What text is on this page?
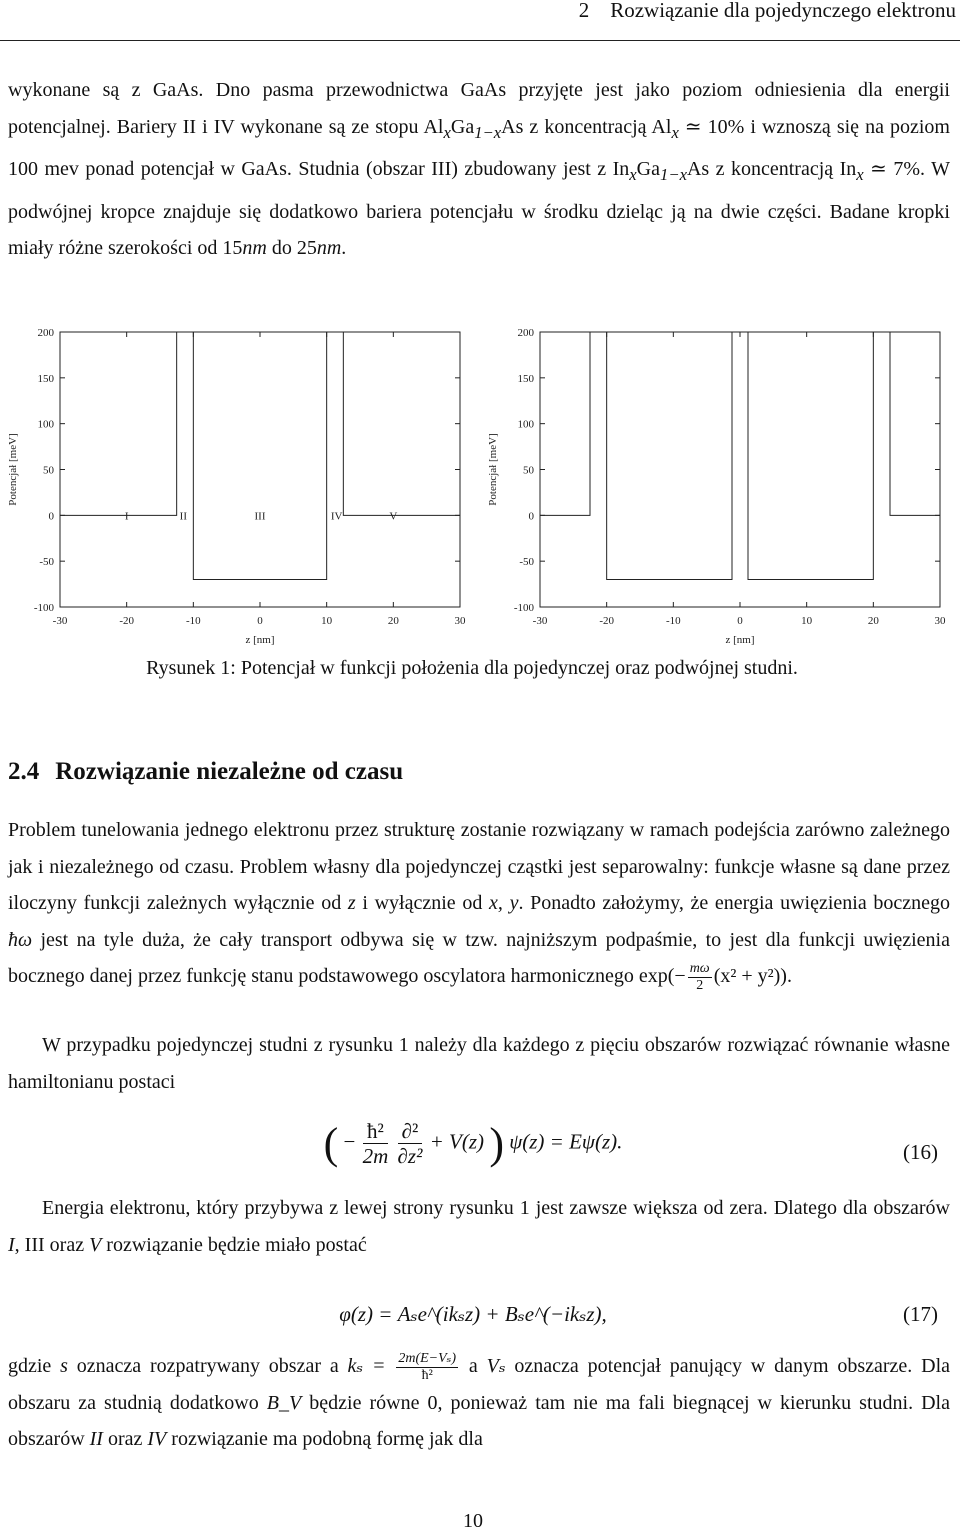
2 Rozwiązanie dla pojedynczego elektronu

wykonane są z GaAs. Dno pasma przewodnictwa GaAs przyjęte jest jako poziom odniesienia dla energii potencjalnej. Bariery II i IV wykonane są ze stopu $Al_xGa_{1-x}As$ z koncentracją $Al_x$ ≃ 10% i wznoszą się na poziom 100 mev ponad potencjał w GaAs. Studnia (obszar III) zbudowany jest z $In_xGa_{1-x}As$ z koncentracją $In_x$ ≃ 7%. W podwójnej kropce znajduje się dodatkowo bariera potencjału w środku dzieląc ją na dwie części. Badane kropki miały różne szerokości od 15nm do 25nm.

200
150
100
50
0
-50
-100
-30	-20	-10	0	10	20	30
z [nm]
Potencjał [meV]
I	II	III	IV	V
200
150
100
50
0
-50
-100
-30	-20	-10	0	10	20	30
z [nm]
Potencjał [meV]
Rysunek 1: Potencjał w funkcji położenia dla pojedynczej oraz podwójnej studni.
2.4 Rozwiązanie niezależne od czasu

Problem tunelowania jednego elektronu przez strukturę zostanie rozwiązany w ramach podejścia zarówno zależnego jak i niezależnego od czasu. Problem własny dla pojedynczej cząstki jest separowalny: funkcje własne są dane przez iloczyny funkcji zależnych wyłącznie od z i wyłącznie od x, y. Ponadto założymy, że energia uwięzienia bocznego ħω jest na tyle duża, że cały transport odbywa się w tzw. najniższym podpaśmie, to jest dla funkcji uwięzienia bocznego danej przez funkcję stanu podstawowego oscylatora harmonicznego $\exp(- \frac{m\omega}{2} (x^2 + y^2))$.

W przypadku pojedynczej studni z rysunku 1 należy dla każdego z pięciu obszarów rozwiązać równanie własne hamiltonianu postaci

( − $\frac{\text{ħ²}}{2m}$
$\frac{\text{∂²}}{\text{∂z²}} + V(z)$ ) ψ(z) = Eψ(z).	(16)

Energia elektronu, który przybywa z lewej strony rysunku 1 jest zawsze większa od zera. Dlatego dla obszarów I, III oraz V rozwiązanie będzie miało postać

φ(z) = Aₛe^(ikₛz) + Bₛe^(−ikₛz),	(17)

gdzie s oznacza rozpatrywany obszar a $k_s = \frac{\text{2m(E−Vₛ)}}{\text{ħ²}}$ a Vₛ oznacza potencjał panujący w danym obszarze. Dla obszaru za studnią dodatkowo B_V będzie równe 0, ponieważ tam nie ma fali biegnącej w kierunku studni. Dla obszarów II oraz IV rozwiązanie ma podobną formę jak dla

10
